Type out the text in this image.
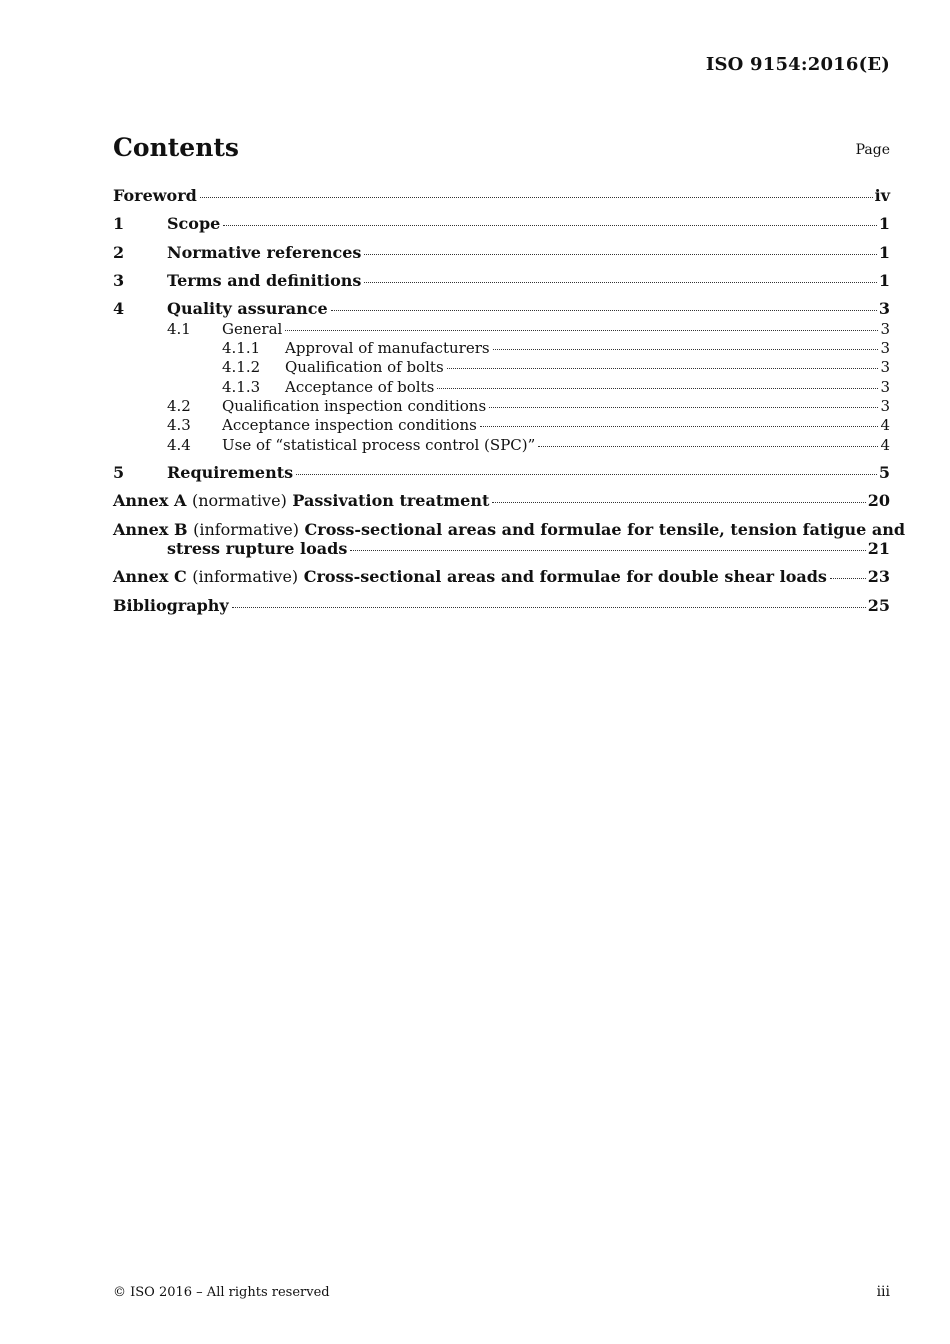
ISO 9154:2016(E)
Contents	Page
Foreword	iv
1	Scope	1
2	Normative references	1
3	Terms and definitions	1
4	Quality assurance	3
4.1	General	3
4.1.1	Approval of manufacturers	3
4.1.2	Qualification of bolts	3
4.1.3	Acceptance of bolts	3
4.2	Qualification inspection conditions	3
4.3	Acceptance inspection conditions	4
4.4	Use of “statistical process control (SPC)”	4
5	Requirements	5
Annex A (normative) Passivation treatment	20
Annex B (informative) Cross-sectional areas and formulae for tensile, tension fatigue and
stress rupture loads	21
Annex C (informative) Cross-sectional areas and formulae for double shear loads	23
Bibliography	25
© ISO 2016 – All rights reserved	iii
